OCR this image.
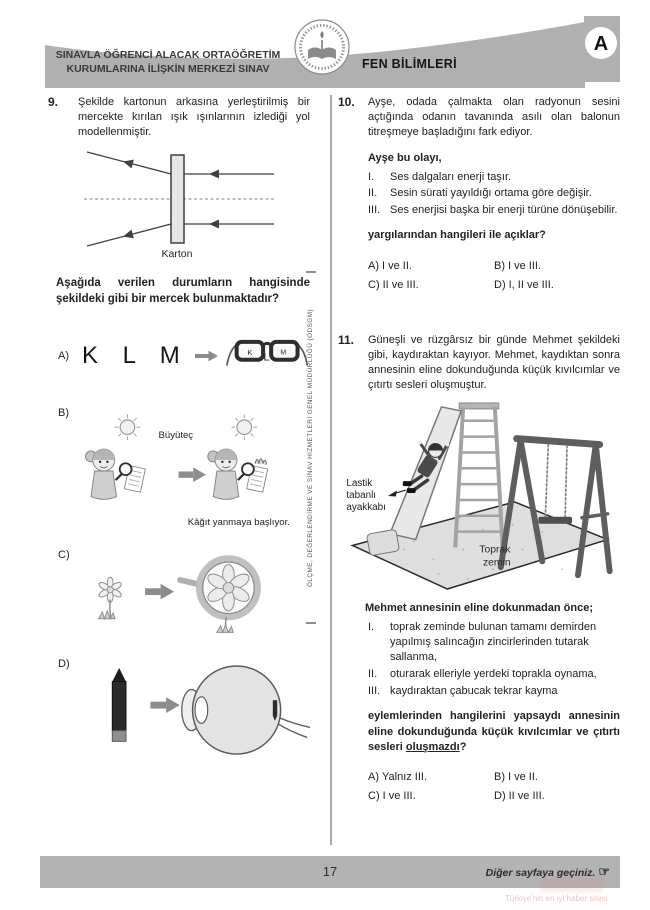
A
SINAVLA ÖĞRENCİ ALACAK ORTAÖĞRETİM
KURUMLARINA İLİŞKİN MERKEZİ SINAV	FEN BİLİMLERİ
ÖLÇME, DEĞERLENDİRME VE SINAV HİZMETLERİ GENEL MÜDÜRLÜĞÜ (ÖDSGM)
9.	Şekilde kartonun arkasına yerleştirilmiş bir mercekte kırılan ışık ışınlarının izlediği yol modellenmiştir.
Karton
Aşağıda verilen durumların hangisinde şekildeki gibi bir mercek bulunmaktadır?
A) K L M	K L M
B)
Büyüteç
Kâğıt yanmaya başlıyor.
C)
D)
10.	Ayşe, odada çalmakta olan radyonun sesini açtığında odanın tavanında asılı olan balonun titreşmeye başladığını fark ediyor.
Ayşe bu olayı,
I.	Ses dalgaları enerji taşır.
II.	Sesin sürati yayıldığı ortama göre değişir.
III. Ses enerjisi başka bir enerji türüne dönüşebilir.
yargılarından hangileri ile açıklar?
A) I ve II.	B) I ve III.
C) II ve III.	D) I, II ve III.
11.	Güneşli ve rüzgârsız bir günde Mehmet şekildeki gibi, kaydıraktan kayıyor. Mehmet, kaydıktan sonra annesinin eline dokunduğunda küçük kıvılcımlar ve çıtırtı sesleri oluşmuştur.
Lastik
tabanlı
ayakkabı
Toprak
zemin
Mehmet annesinin eline dokunmadan önce;
I.	toprak zeminde bulunan tamamı demirden yapılmış salıncağın zincirlerinden tutarak sallanma,
II.	oturarak elleriyle yerdeki toprakla oynama,
III. kaydıraktan çabucak tekrar kayma
eylemlerinden hangilerini yapsaydı annesinin eline dokunduğunda küçük kıvılcımlar ve çıtırtı sesleri oluşmazdı?
A) Yalnız III.	B) I ve II.
C) I ve III.	D) II ve III.
17	Diğer sayfaya geçiniz. ☞
Türkiye'nin en iyi haber sitesi
